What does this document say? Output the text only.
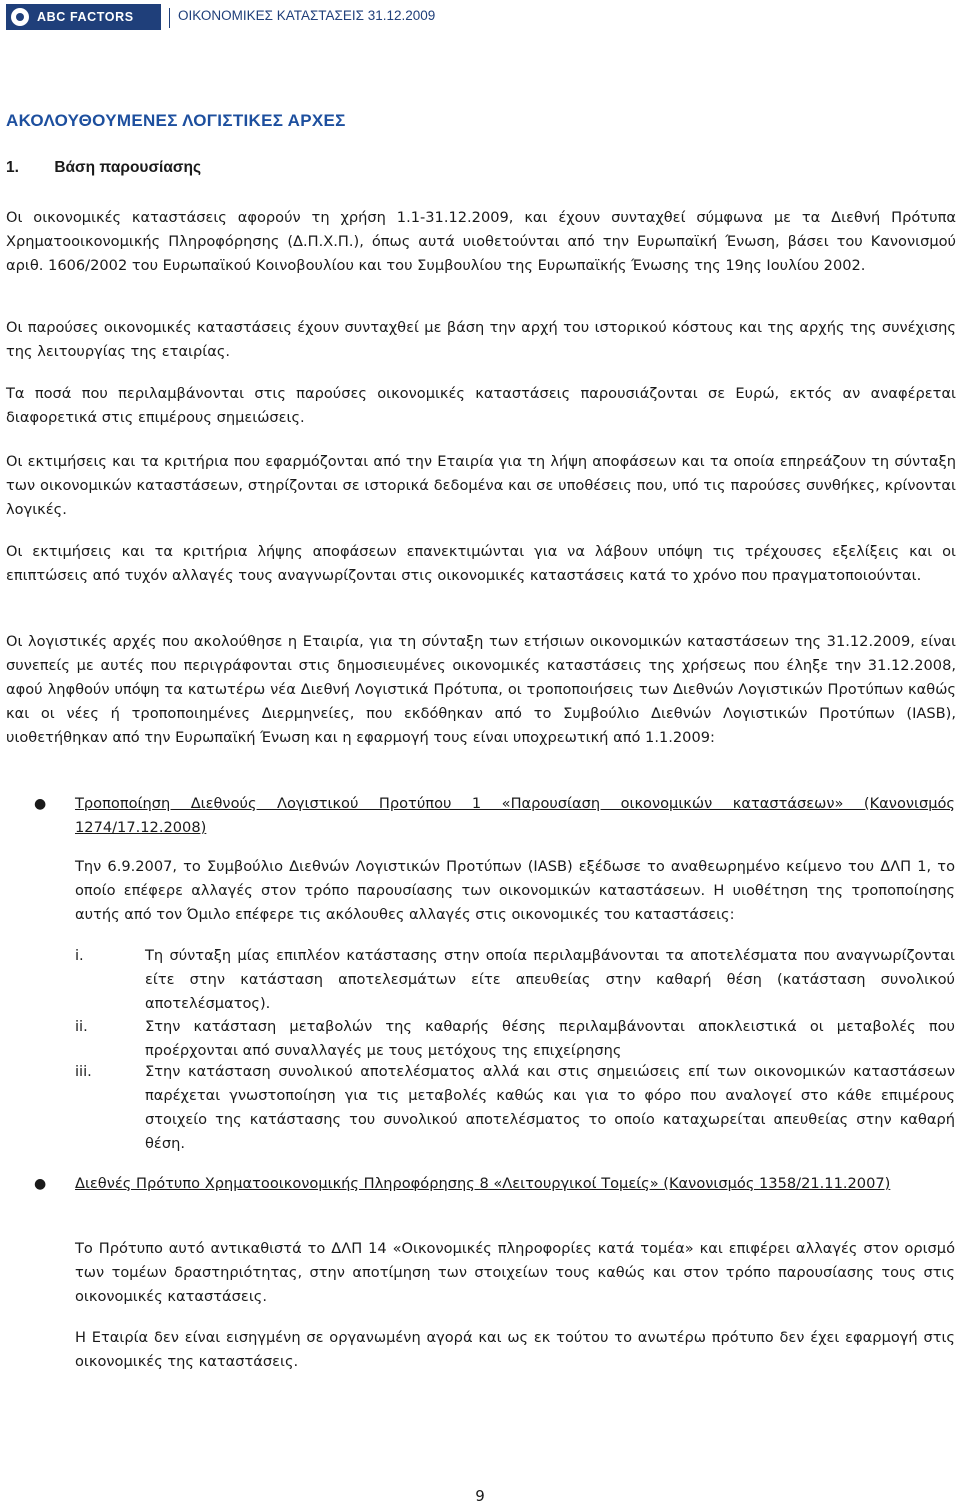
ABC FACTORS	ΟΙΚΟΝΟΜΙΚΕΣ ΚΑΤΑΣΤΑΣΕΙΣ 31.12.2009
ΑΚΟΛΟΥΘΟΥΜΕΝΕΣ ΛΟΓΙΣΤΙΚΕΣ ΑΡΧΕΣ
1. Βάση παρουσίασης

Οι οικονομικές καταστάσεις αφορούν τη χρήση 1.1-31.12.2009, και έχουν συνταχθεί σύμφωνα με τα Διεθνή Πρότυπα Χρηματοοικονομικής Πληροφόρησης (Δ.Π.Χ.Π.), όπως αυτά υιοθετούνται από την Ευρωπαϊκή Ένωση, βάσει του Κανονισμού αριθ. 1606/2002 του Ευρωπαϊκού Κοινοβουλίου και του Συμβουλίου της Ευρωπαϊκής Ένωσης της 19ης Ιουλίου 2002.

Οι παρούσες οικονομικές καταστάσεις έχουν συνταχθεί με βάση την αρχή του ιστορικού κόστους και της αρχής της συνέχισης της λειτουργίας της εταιρίας.

Τα ποσά που περιλαμβάνονται στις παρούσες οικονομικές καταστάσεις παρουσιάζονται σε Ευρώ, εκτός αν αναφέρεται διαφορετικά στις επιμέρους σημειώσεις.

Οι εκτιμήσεις και τα κριτήρια που εφαρμόζονται από την Εταιρία για τη λήψη αποφάσεων και τα οποία επηρεάζουν τη σύνταξη των οικονομικών καταστάσεων, στηρίζονται σε ιστορικά δεδομένα και σε υποθέσεις που, υπό τις παρούσες συνθήκες, κρίνονται λογικές.

Οι εκτιμήσεις και τα κριτήρια λήψης αποφάσεων επανεκτιμώνται για να λάβουν υπόψη τις τρέχουσες εξελίξεις και οι επιπτώσεις από τυχόν αλλαγές τους αναγνωρίζονται στις οικονομικές καταστάσεις κατά το χρόνο που πραγματοποιούνται.

Οι λογιστικές αρχές που ακολούθησε η Εταιρία, για τη σύνταξη των ετήσιων οικονομικών καταστάσεων της 31.12.2009, είναι συνεπείς με αυτές που περιγράφονται στις δημοσιευμένες οικονομικές καταστάσεις της χρήσεως που έληξε την 31.12.2008, αφού ληφθούν υπόψη τα κατωτέρω νέα Διεθνή Λογιστικά Πρότυπα, οι τροποποιήσεις των Διεθνών Λογιστικών Προτύπων καθώς και οι νέες ή τροποποιημένες Διερμηνείες, που εκδόθηκαν από το Συμβούλιο Διεθνών Λογιστικών Προτύπων (IASB), υιοθετήθηκαν από την Ευρωπαϊκή Ένωση και η εφαρμογή τους είναι υποχρεωτική από 1.1.2009:

● Τροποποίηση Διεθνούς Λογιστικού Προτύπου 1 «Παρουσίαση οικονομικών καταστάσεων» (Κανονισμός 1274/17.12.2008)

Την 6.9.2007, το Συμβούλιο Διεθνών Λογιστικών Προτύπων (IASB) εξέδωσε το αναθεωρημένο κείμενο του ΔΛΠ 1, το οποίο επέφερε αλλαγές στον τρόπο παρουσίασης των οικονομικών καταστάσεων. Η υιοθέτηση της τροποποίησης αυτής από τον Όμιλο επέφερε τις ακόλουθες αλλαγές στις οικονομικές του καταστάσεις:

i.	Τη σύνταξη μίας επιπλέον κατάστασης στην οποία περιλαμβάνονται τα αποτελέσματα που αναγνωρίζονται είτε στην κατάσταση αποτελεσμάτων είτε απευθείας στην καθαρή θέση (κατάσταση συνολικού αποτελέσματος).

ii.	Στην κατάσταση μεταβολών της καθαρής θέσης περιλαμβάνονται αποκλειστικά οι μεταβολές που προέρχονται από συναλλαγές με τους μετόχους της επιχείρησης

iii.	Στην κατάσταση συνολικού αποτελέσματος αλλά και στις σημειώσεις επί των οικονομικών καταστάσεων παρέχεται γνωστοποίηση για τις μεταβολές καθώς και για το φόρο που αναλογεί στο κάθε επιμέρους στοιχείο της κατάστασης του συνολικού αποτελέσματος το οποίο καταχωρείται απευθείας στην καθαρή θέση.

● Διεθνές Πρότυπο Χρηματοοικονομικής Πληροφόρησης 8 «Λειτουργικοί Τομείς» (Κανονισμός 1358/21.11.2007)

Το Πρότυπο αυτό αντικαθιστά το ΔΛΠ 14 «Οικονομικές πληροφορίες κατά τομέα» και επιφέρει αλλαγές στον ορισμό των τομέων δραστηριότητας, στην αποτίμηση των στοιχείων τους καθώς και στον τρόπο παρουσίασης τους στις οικονομικές καταστάσεις.

Η Εταιρία δεν είναι εισηγμένη σε οργανωμένη αγορά και ως εκ τούτου το ανωτέρω πρότυπο δεν έχει εφαρμογή στις οικονομικές της καταστάσεις.

9
